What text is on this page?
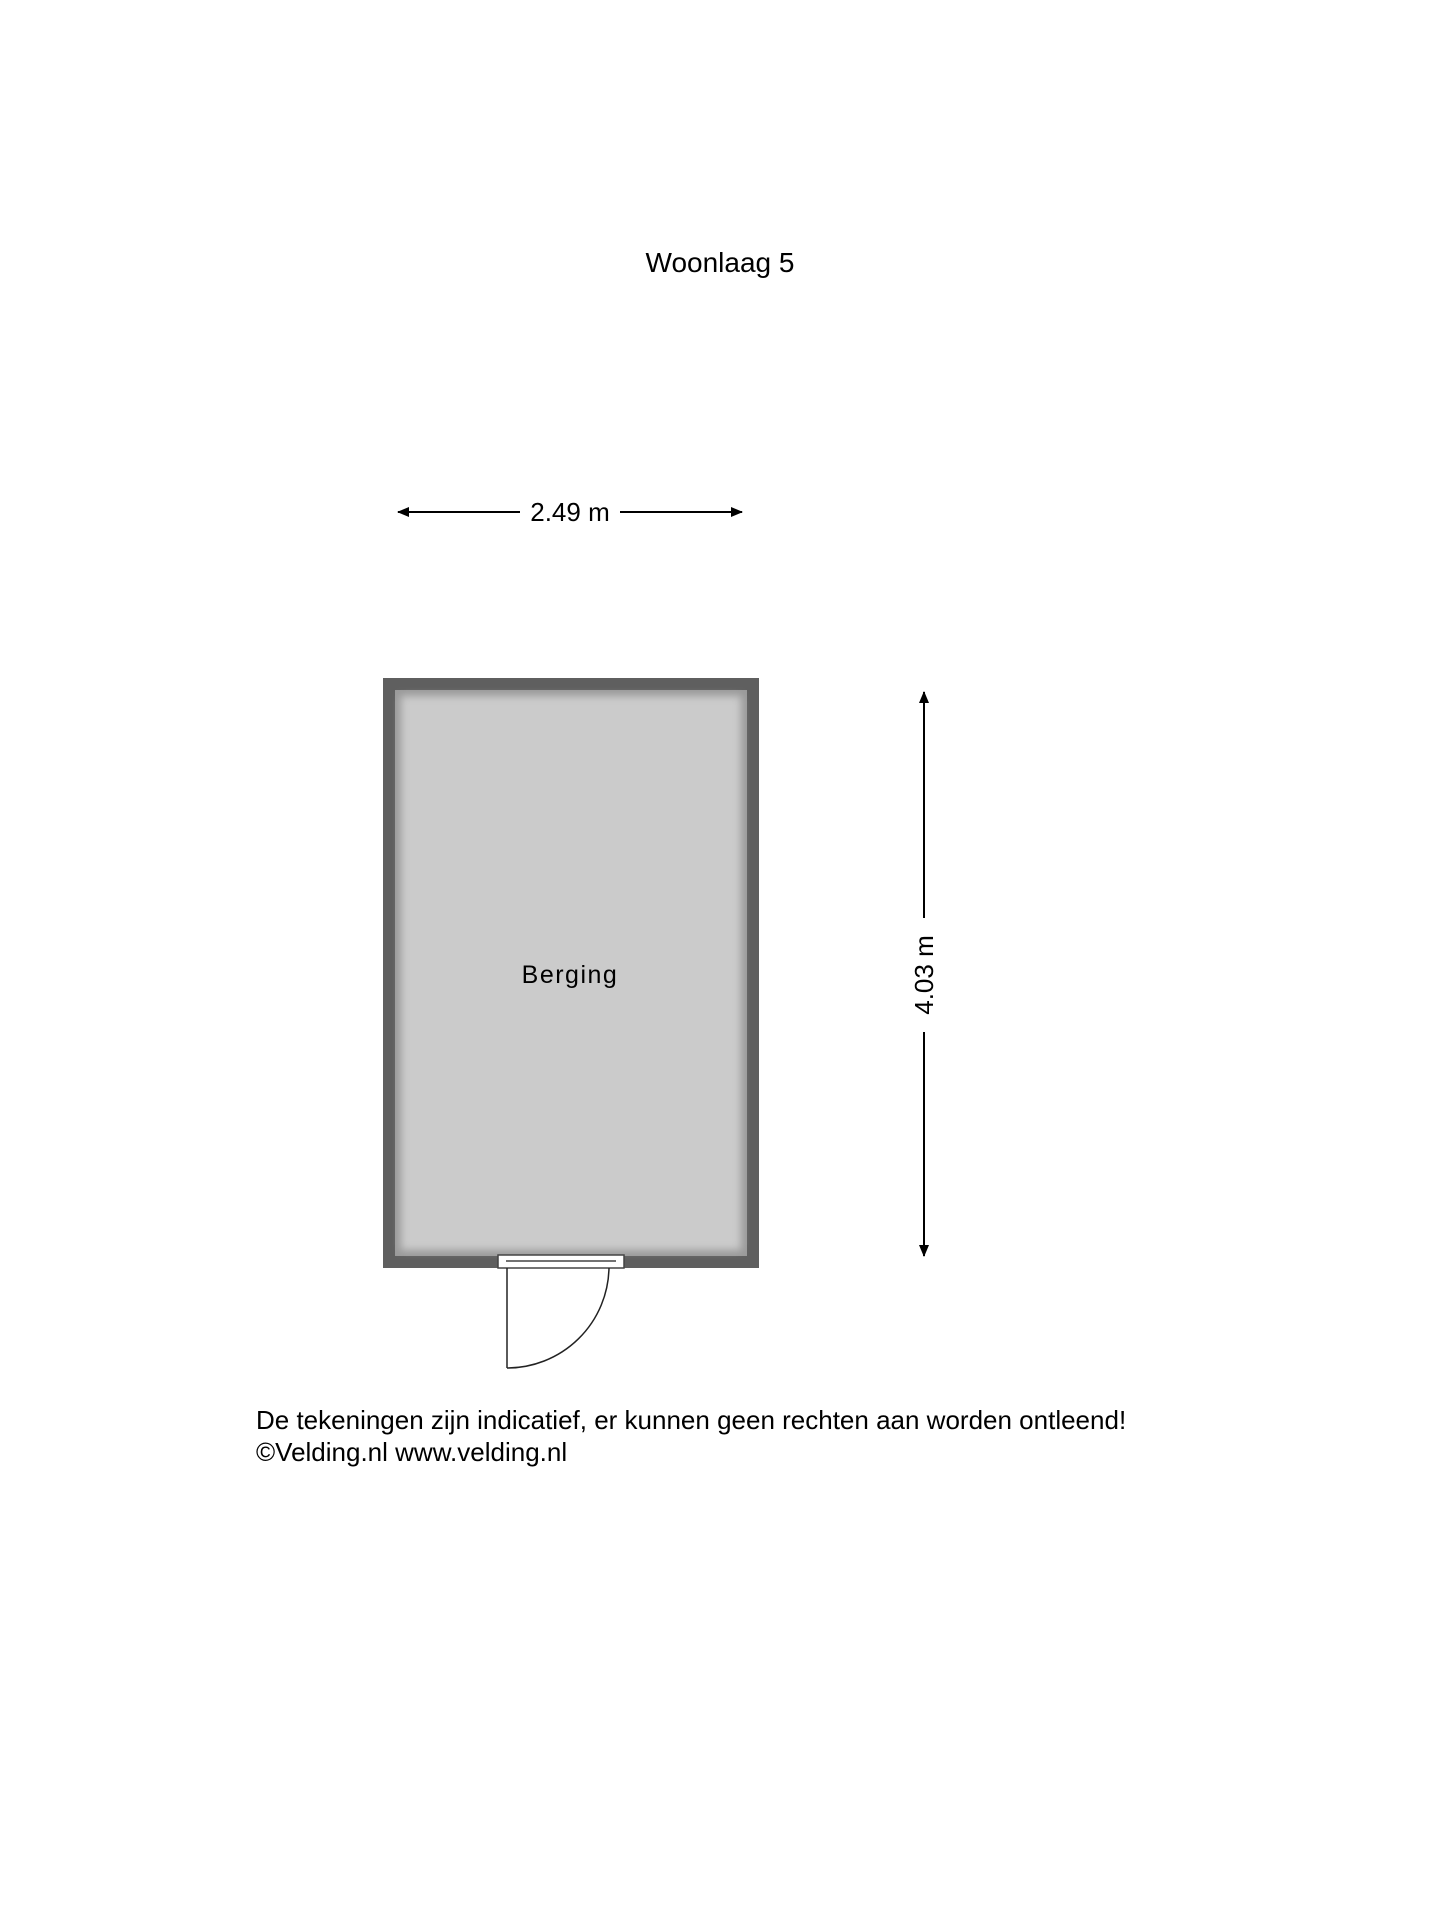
Woonlaag 5
2.49 m
4.03 m
Berging
De tekeningen zijn indicatief, er kunnen geen rechten aan worden ontleend!
©Velding.nl www.velding.nl
